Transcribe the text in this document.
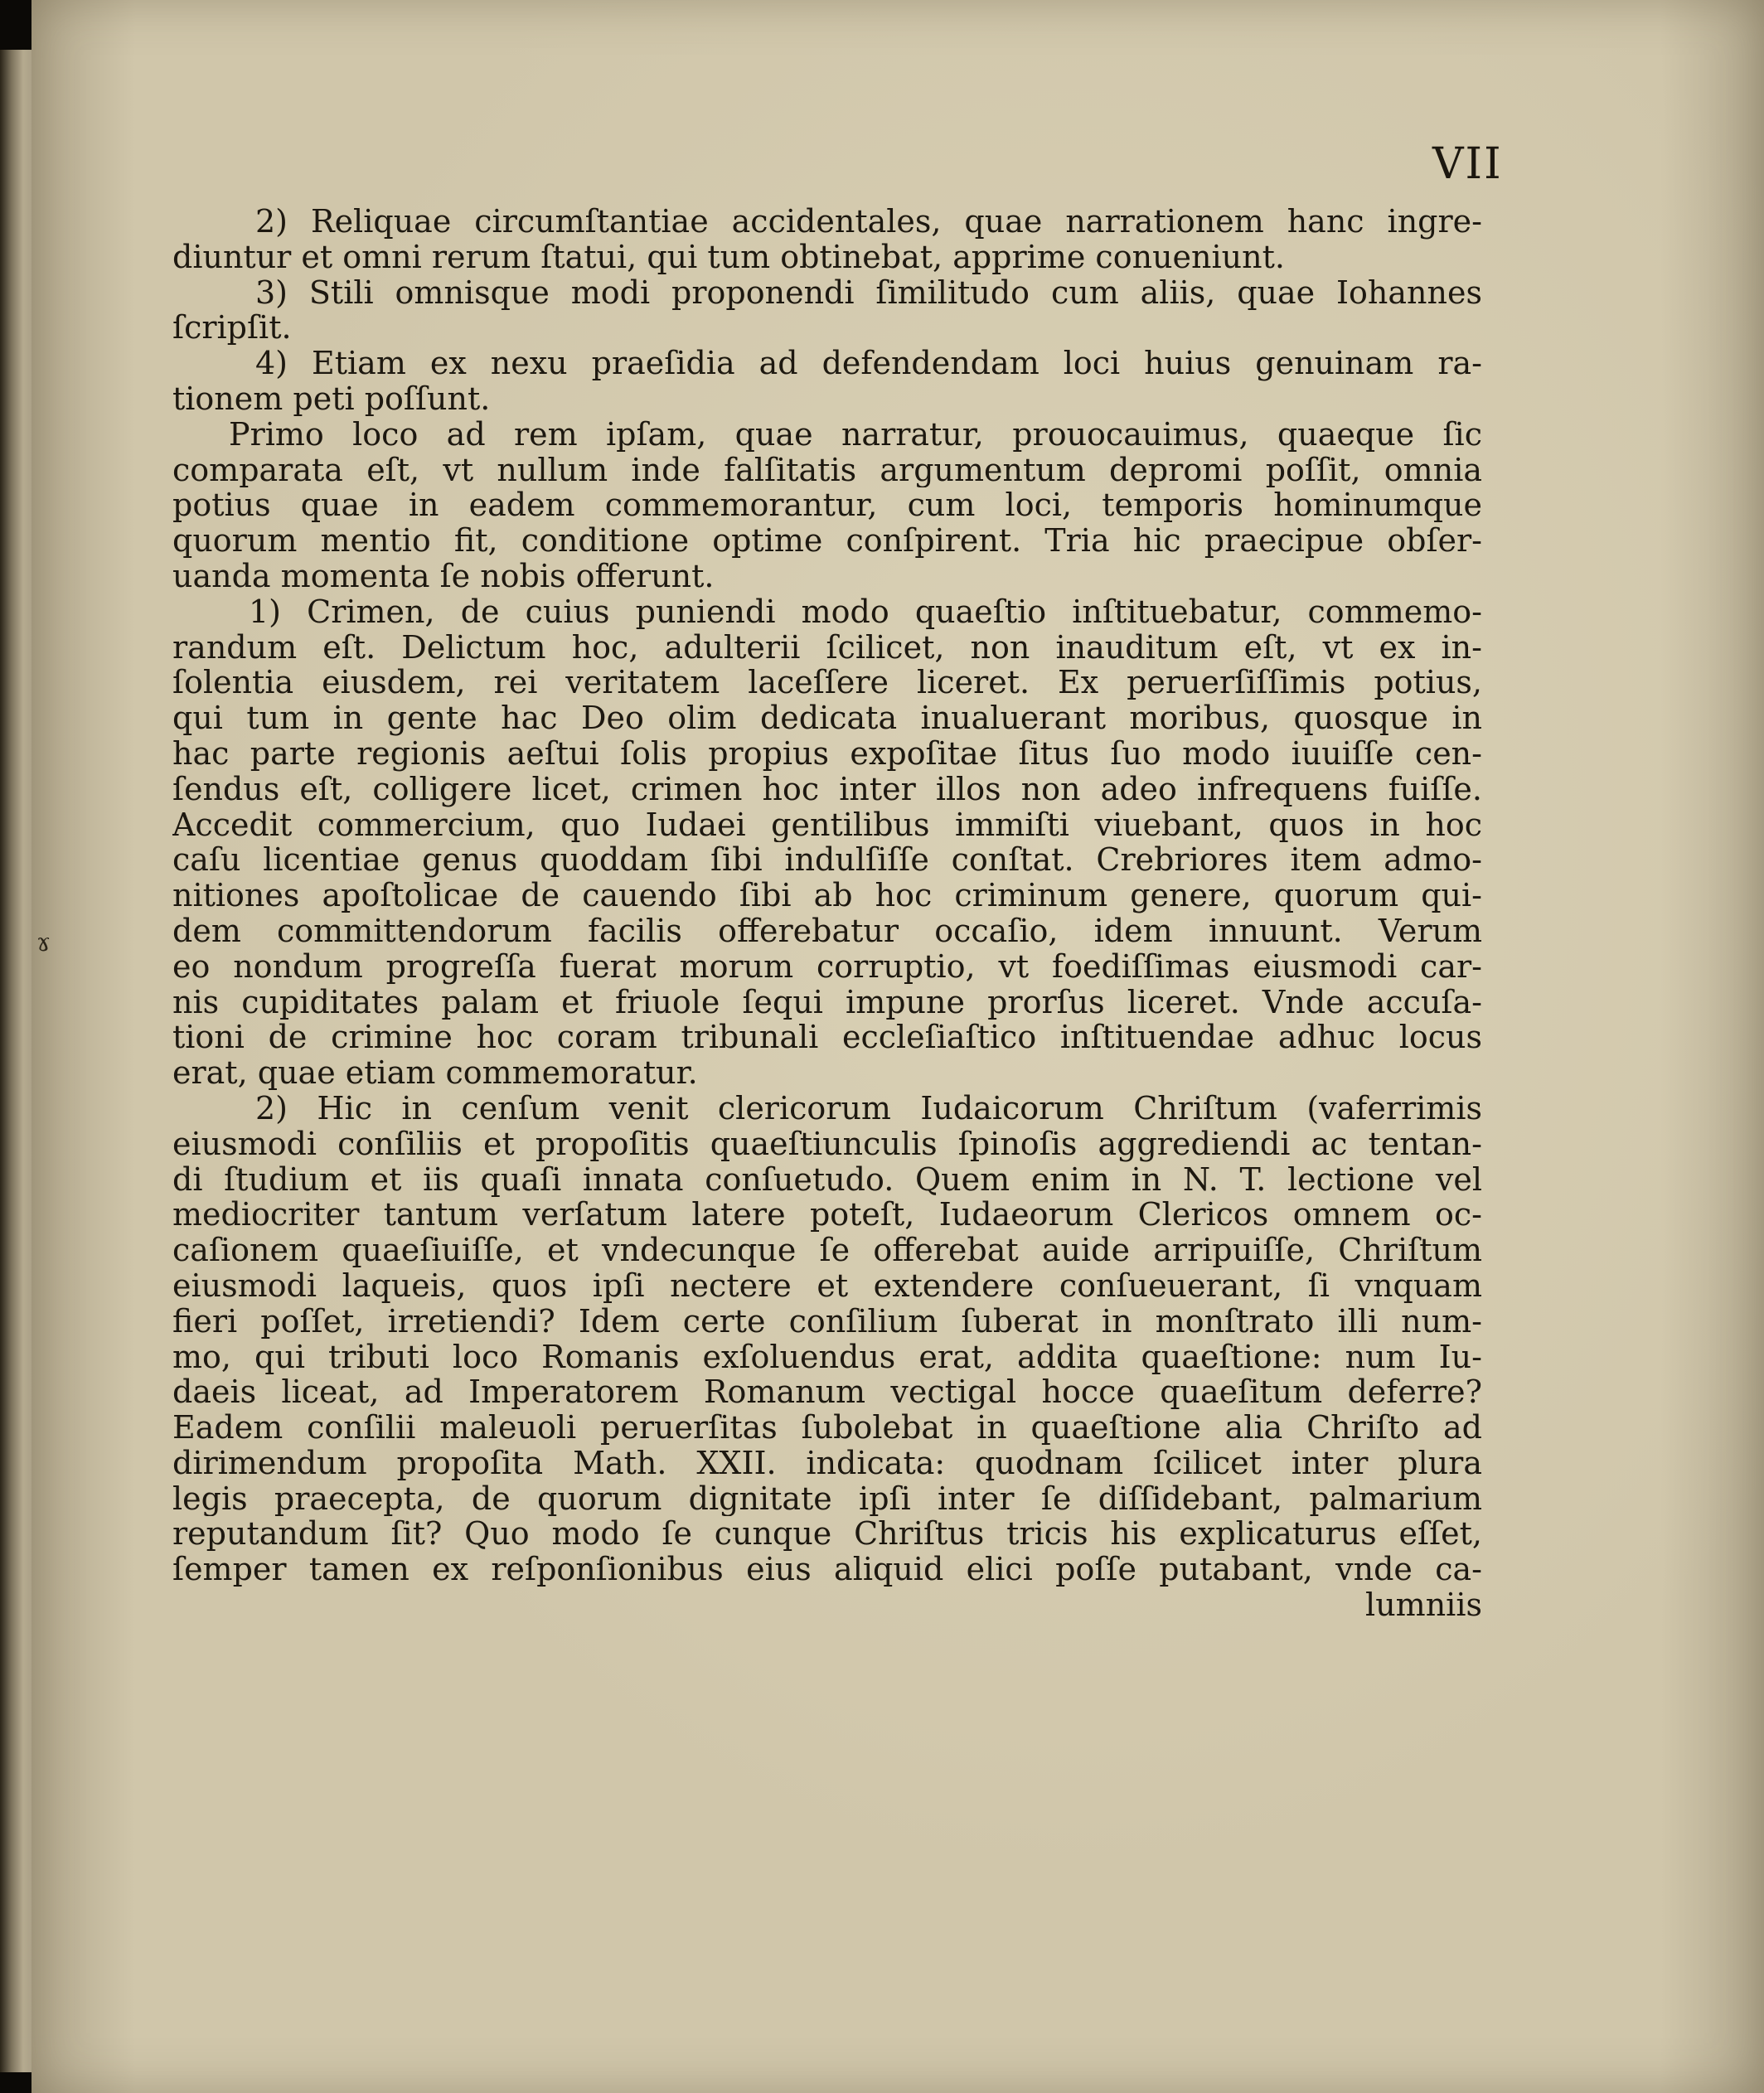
VII
2) Reliquae circumſtantiae accidentales, quae narrationem hanc ingre-
diuntur et omni rerum ſtatui, qui tum obtinebat, apprime conueniunt.
3) Stili omnisque modi proponendi ſimilitudo cum aliis, quae Iohannes
ſcripſit.
4) Etiam ex nexu praeſidia ad defendendam loci huius genuinam ra-
tionem peti poſſunt.
Primo loco ad rem ipſam, quae narratur, prouocauimus, quaeque ſic
comparata eſt, vt nullum inde falſitatis argumentum depromi poſſit, omnia
potius quae in eadem commemorantur, cum loci, temporis hominumque
quorum mentio fit, conditione optime conſpirent. Tria hic praecipue obſer-
uanda momenta ſe nobis offerunt.
1) Crimen, de cuius puniendi modo quaeſtio inſtituebatur, commemo-
randum eſt. Delictum hoc, adulterii ſcilicet, non inauditum eſt, vt ex in-
ſolentia eiusdem, rei veritatem laceſſere liceret. Ex peruerſiſſimis potius,
qui tum in gente hac Deo olim dedicata inualuerant moribus, quosque in
hac parte regionis aeſtui ſolis propius expoſitae ſitus ſuo modo iuuiſſe cen-
ſendus eſt, colligere licet, crimen hoc inter illos non adeo infrequens fuiſſe.
Accedit commercium, quo Iudaei gentilibus immiſti viuebant, quos in hoc
caſu licentiae genus quoddam ſibi indulſiſſe conſtat. Crebriores item admo-
nitiones apoſtolicae de cauendo ſibi ab hoc criminum genere, quorum qui-
dem committendorum facilis offerebatur occaſio, idem innuunt. Verum
eo nondum progreſſa fuerat morum corruptio, vt foediſſimas eiusmodi car-
nis cupiditates palam et friuole ſequi impune prorſus liceret. Vnde accuſa-
tioni de crimine hoc coram tribunali eccleſiaſtico inſtituendae adhuc locus
erat, quae etiam commemoratur.
2) Hic in cenſum venit clericorum Iudaicorum Chriſtum (vaferrimis
eiusmodi conſiliis et propoſitis quaeſtiunculis ſpinoſis aggrediendi ac tentan-
di ſtudium et iis quaſi innata conſuetudo. Quem enim in N. T. lectione vel
mediocriter tantum verſatum latere poteſt, Iudaeorum Clericos omnem oc-
caſionem quaeſiuiſſe, et vndecunque ſe offerebat auide arripuiſſe, Chriſtum
eiusmodi laqueis, quos ipſi nectere et extendere conſueuerant, ſi vnquam
fieri poſſet, irretiendi? Idem certe conſilium ſuberat in monſtrato illi num-
mo, qui tributi loco Romanis exſoluendus erat, addita quaeſtione: num Iu-
daeis liceat, ad Imperatorem Romanum vectigal hocce quaeſitum deferre?
Eadem conſilii maleuoli peruerſitas ſubolebat in quaeſtione alia Chriſto ad
dirimendum propoſita Math. XXII. indicata: quodnam ſcilicet inter plura
legis praecepta, de quorum dignitate ipſi inter ſe diſſidebant, palmarium
reputandum ſit? Quo modo ſe cunque Chriſtus tricis his explicaturus eſſet,
ſemper tamen ex reſponſionibus eius aliquid elici poſſe putabant, vnde ca-
lumniis
ɤ
